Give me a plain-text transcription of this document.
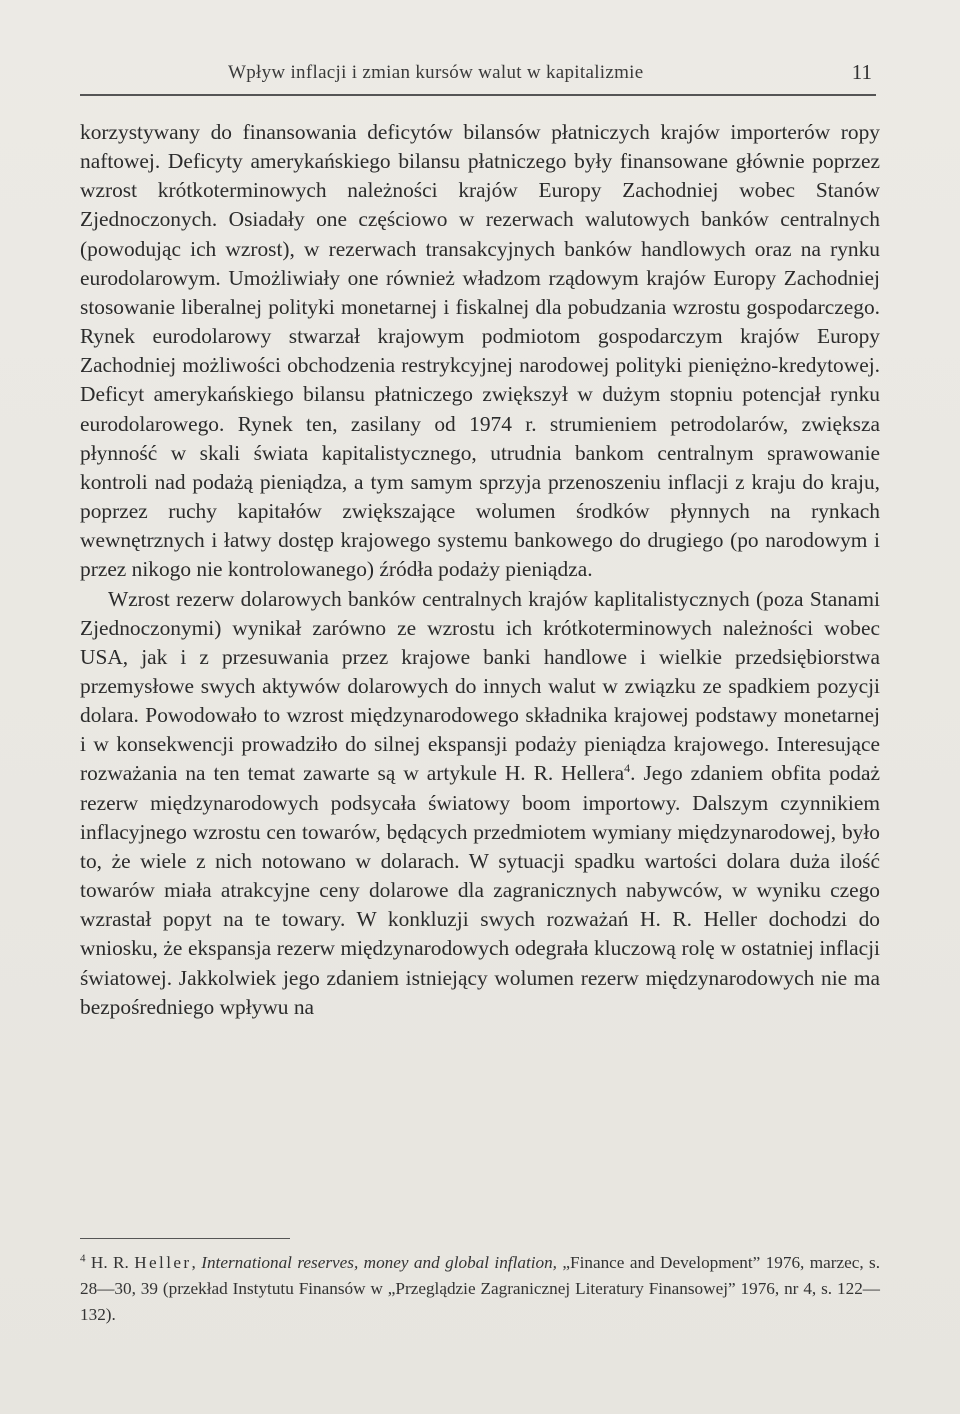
Wpływ inflacji i zmian kursów walut w kapitalizmie	11

korzystywany do finansowania deficytów bilansów płatniczych krajów importerów ropy naftowej. Deficyty amerykańskiego bilansu płatniczego były finansowane głównie poprzez wzrost krótkoterminowych należności krajów Europy Zachodniej wobec Stanów Zjednoczonych. Osiadały one częściowo w rezerwach walutowych banków centralnych (powodując ich wzrost), w rezerwach transakcyjnych banków handlowych oraz na rynku eurodolarowym. Umożliwiały one również władzom rządowym krajów Europy Zachodniej stosowanie liberalnej polityki monetarnej i fiskalnej dla pobudzania wzrostu gospodarczego. Rynek eurodolarowy stwarzał krajowym podmiotom gospodarczym krajów Europy Zachodniej możliwości obchodzenia restrykcyjnej narodowej polityki pieniężno-kredytowej. Deficyt amerykańskiego bilansu płatniczego zwiększył w dużym stopniu potencjał rynku eurodolarowego. Rynek ten, zasilany od 1974 r. strumieniem petrodolarów, zwiększa płynność w skali świata kapitalistycznego, utrudnia bankom centralnym sprawowanie kontroli nad podażą pieniądza, a tym samym sprzyja przenoszeniu inflacji z kraju do kraju, poprzez ruchy kapitałów zwiększające wolumen środków płynnych na rynkach wewnętrznych i łatwy dostęp krajowego systemu bankowego do drugiego (po narodowym i przez nikogo nie kontrolowanego) źródła podaży pieniądza.

Wzrost rezerw dolarowych banków centralnych krajów kaplitalistycznych (poza Stanami Zjednoczonymi) wynikał zarówno ze wzrostu ich krótkoterminowych należności wobec USA, jak i z przesuwania przez krajowe banki handlowe i wielkie przedsiębiorstwa przemysłowe swych aktywów dolarowych do innych walut w związku ze spadkiem pozycji dolara. Powodowało to wzrost międzynarodowego składnika krajowej podstawy monetarnej i w konsekwencji prowadziło do silnej ekspansji podaży pieniądza krajowego. Interesujące rozważania na ten temat zawarte są w artykule H. R. Hellera$^4$. Jego zdaniem obfita podaż rezerw międzynarodowych podsycała światowy boom importowy. Dalszym czynnikiem inflacyjnego wzrostu cen towarów, będących przedmiotem wymiany międzynarodowej, było to, że wiele z nich notowano w dolarach. W sytuacji spadku wartości dolara duża ilość towarów miała atrakcyjne ceny dolarowe dla zagranicznych nabywców, w wyniku czego wzrastał popyt na te towary. W konkluzji swych rozważań H. R. Heller dochodzi do wniosku, że ekspansja rezerw międzynarodowych odegrała kluczową rolę w ostatniej inflacji światowej. Jakkolwiek jego zdaniem istniejący wolumen rezerw międzynarodowych nie ma bezpośredniego wpływu na

$^4$ H. R. Heller, International reserves, money and global inflation, „Finance and Development” 1976, marzec, s. 28—30, 39 (przekład Instytutu Finansów w „Przeglądzie Zagranicznej Literatury Finansowej” 1976, nr 4, s. 122—132).
